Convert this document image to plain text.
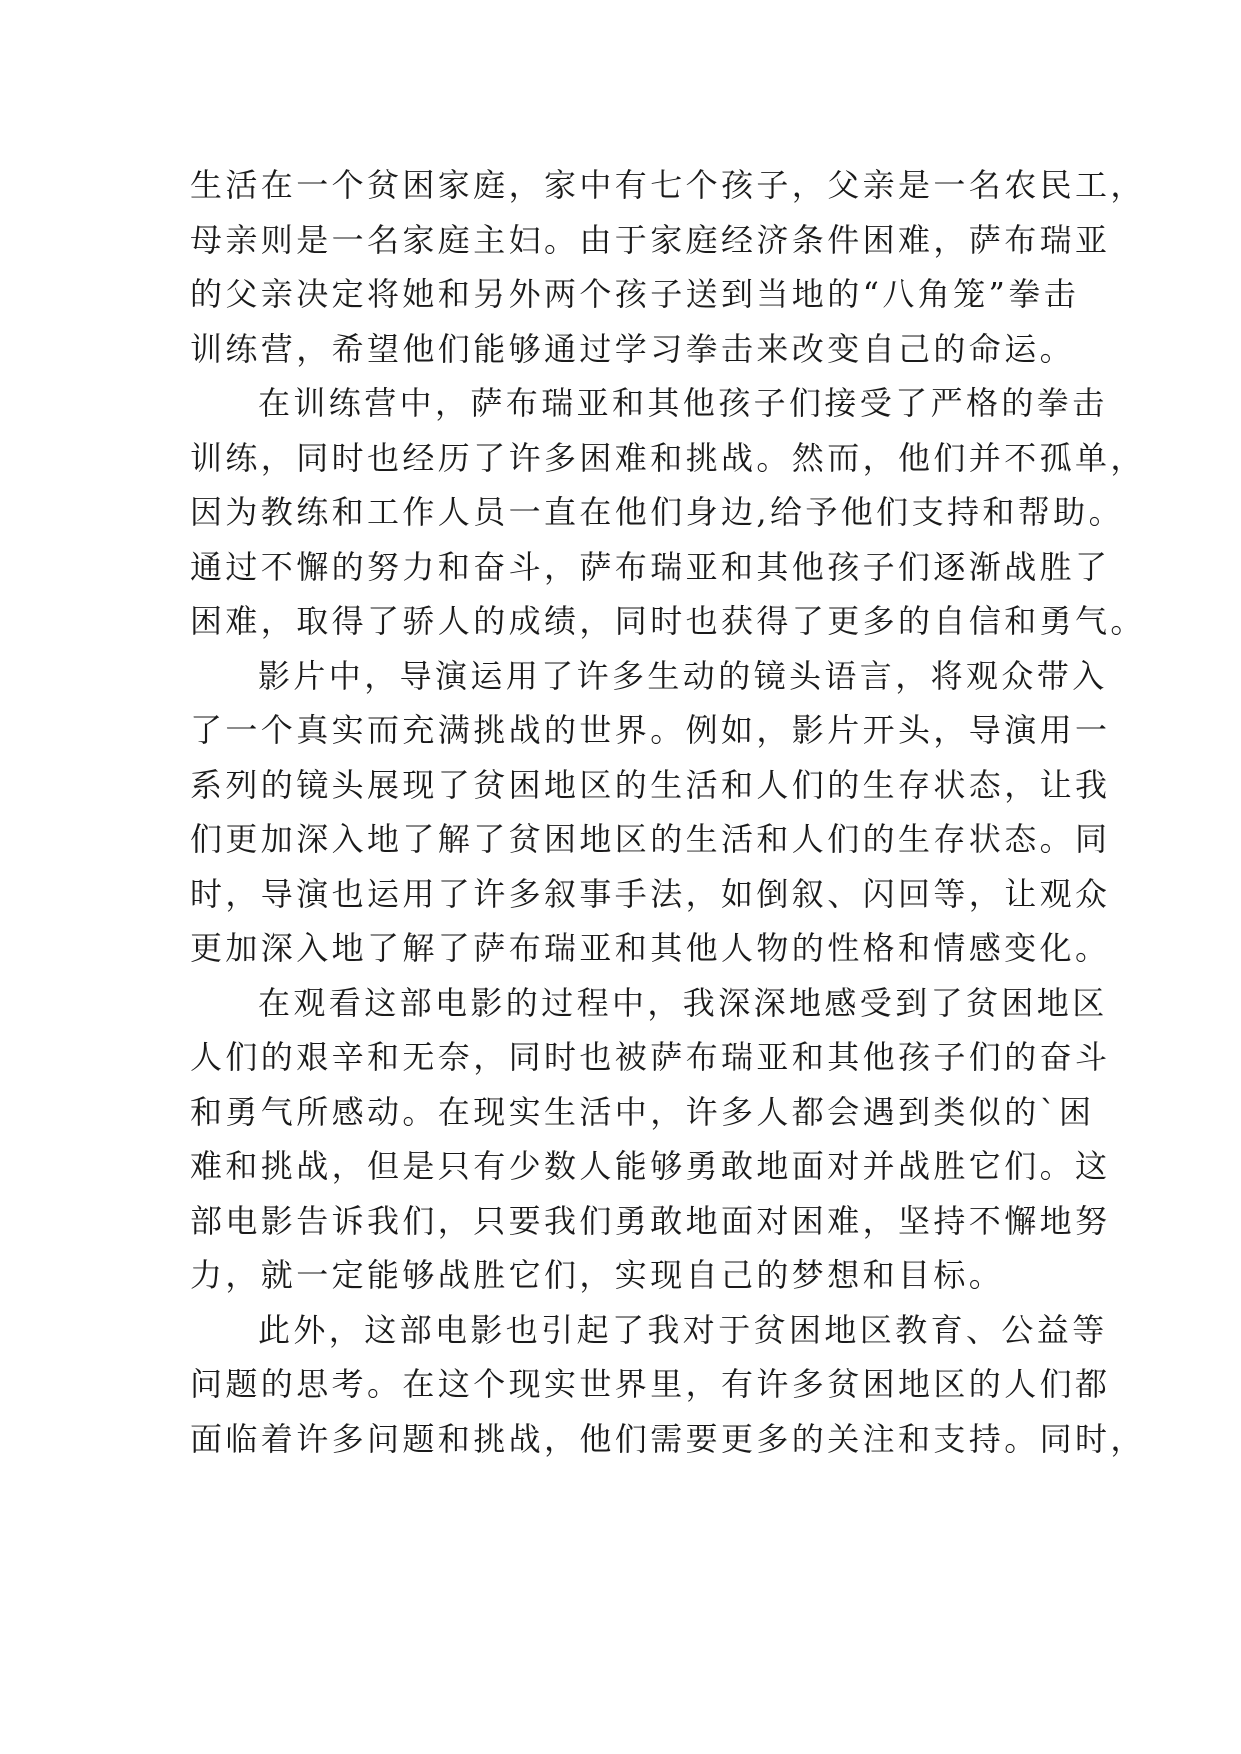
生活在一个贫困家庭，家中有七个孩子，父亲是一名农民工，
母亲则是一名家庭主妇。由于家庭经济条件困难，萨布瑞亚
的父亲决定将她和另外两个孩子送到当地的“八角笼”拳击
训练营，希望他们能够通过学习拳击来改变自己的命运。
在训练营中，萨布瑞亚和其他孩子们接受了严格的拳击
训练，同时也经历了许多困难和挑战。然而，他们并不孤单，
因为教练和工作人员一直在他们身边,给予他们支持和帮助。
通过不懈的努力和奋斗，萨布瑞亚和其他孩子们逐渐战胜了
困难，取得了骄人的成绩，同时也获得了更多的自信和勇气。
影片中，导演运用了许多生动的镜头语言，将观众带入
了一个真实而充满挑战的世界。例如，影片开头，导演用一
系列的镜头展现了贫困地区的生活和人们的生存状态，让我
们更加深入地了解了贫困地区的生活和人们的生存状态。同
时，导演也运用了许多叙事手法，如倒叙、闪回等，让观众
更加深入地了解了萨布瑞亚和其他人物的性格和情感变化。
在观看这部电影的过程中，我深深地感受到了贫困地区
人们的艰辛和无奈，同时也被萨布瑞亚和其他孩子们的奋斗
和勇气所感动。在现实生活中，许多人都会遇到类似的`困
难和挑战，但是只有少数人能够勇敢地面对并战胜它们。这
部电影告诉我们，只要我们勇敢地面对困难，坚持不懈地努
力，就一定能够战胜它们，实现自己的梦想和目标。
此外，这部电影也引起了我对于贫困地区教育、公益等
问题的思考。在这个现实世界里，有许多贫困地区的人们都
面临着许多问题和挑战，他们需要更多的关注和支持。同时，
